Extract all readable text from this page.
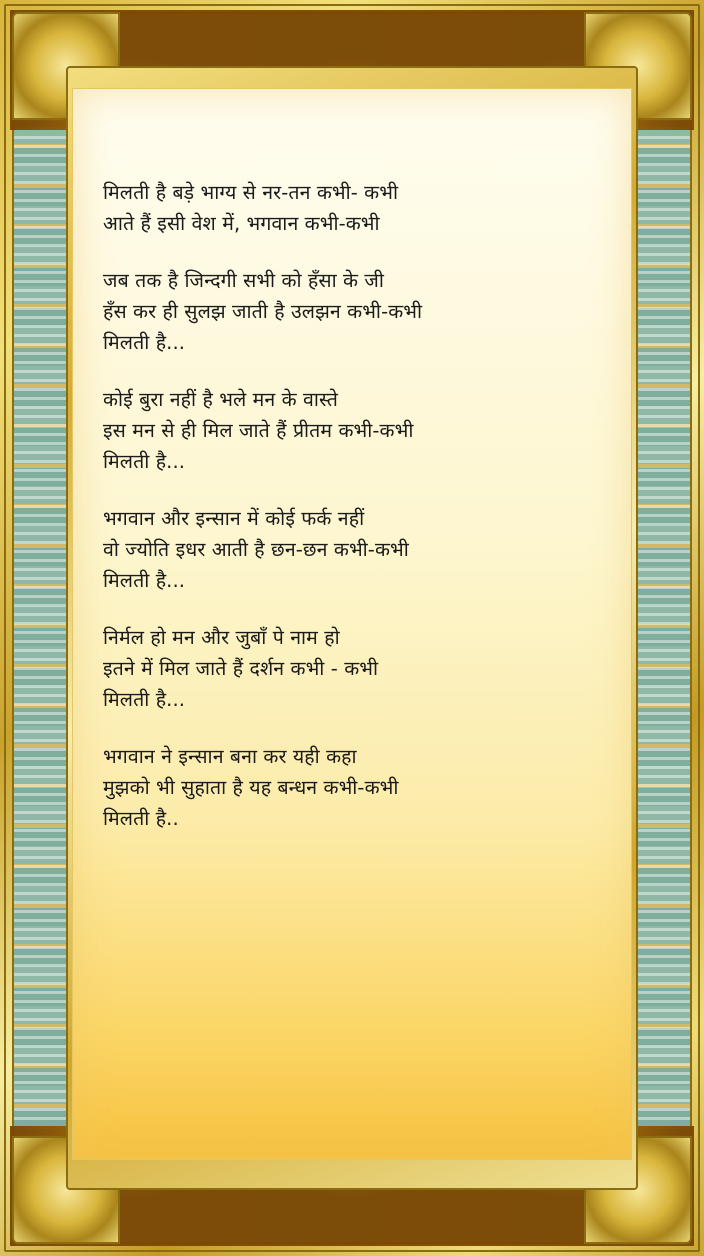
मिलती है बड़े भाग्य से नर-तन कभी- कभी
आते हैं इसी वेश में, भगवान कभी-कभी
जब तक है जिन्दगी सभी को हँसा के जी
हँस कर ही सुलझ जाती है उलझन कभी-कभी
मिलती है...
कोई बुरा नहीं है भले मन के वास्ते
इस मन से ही मिल जाते हैं प्रीतम कभी-कभी
मिलती है...
भगवान और इन्सान में कोई फर्क नहीं
वो ज्योति इधर आती है छन-छन कभी-कभी
मिलती है...
निर्मल हो मन और जुबाँ पे नाम हो
इतने में मिल जाते हैं दर्शन कभी - कभी
मिलती है...
भगवान ने इन्सान बना कर यही कहा
मुझको भी सुहाता है यह बन्धन कभी-कभी
मिलती है..
